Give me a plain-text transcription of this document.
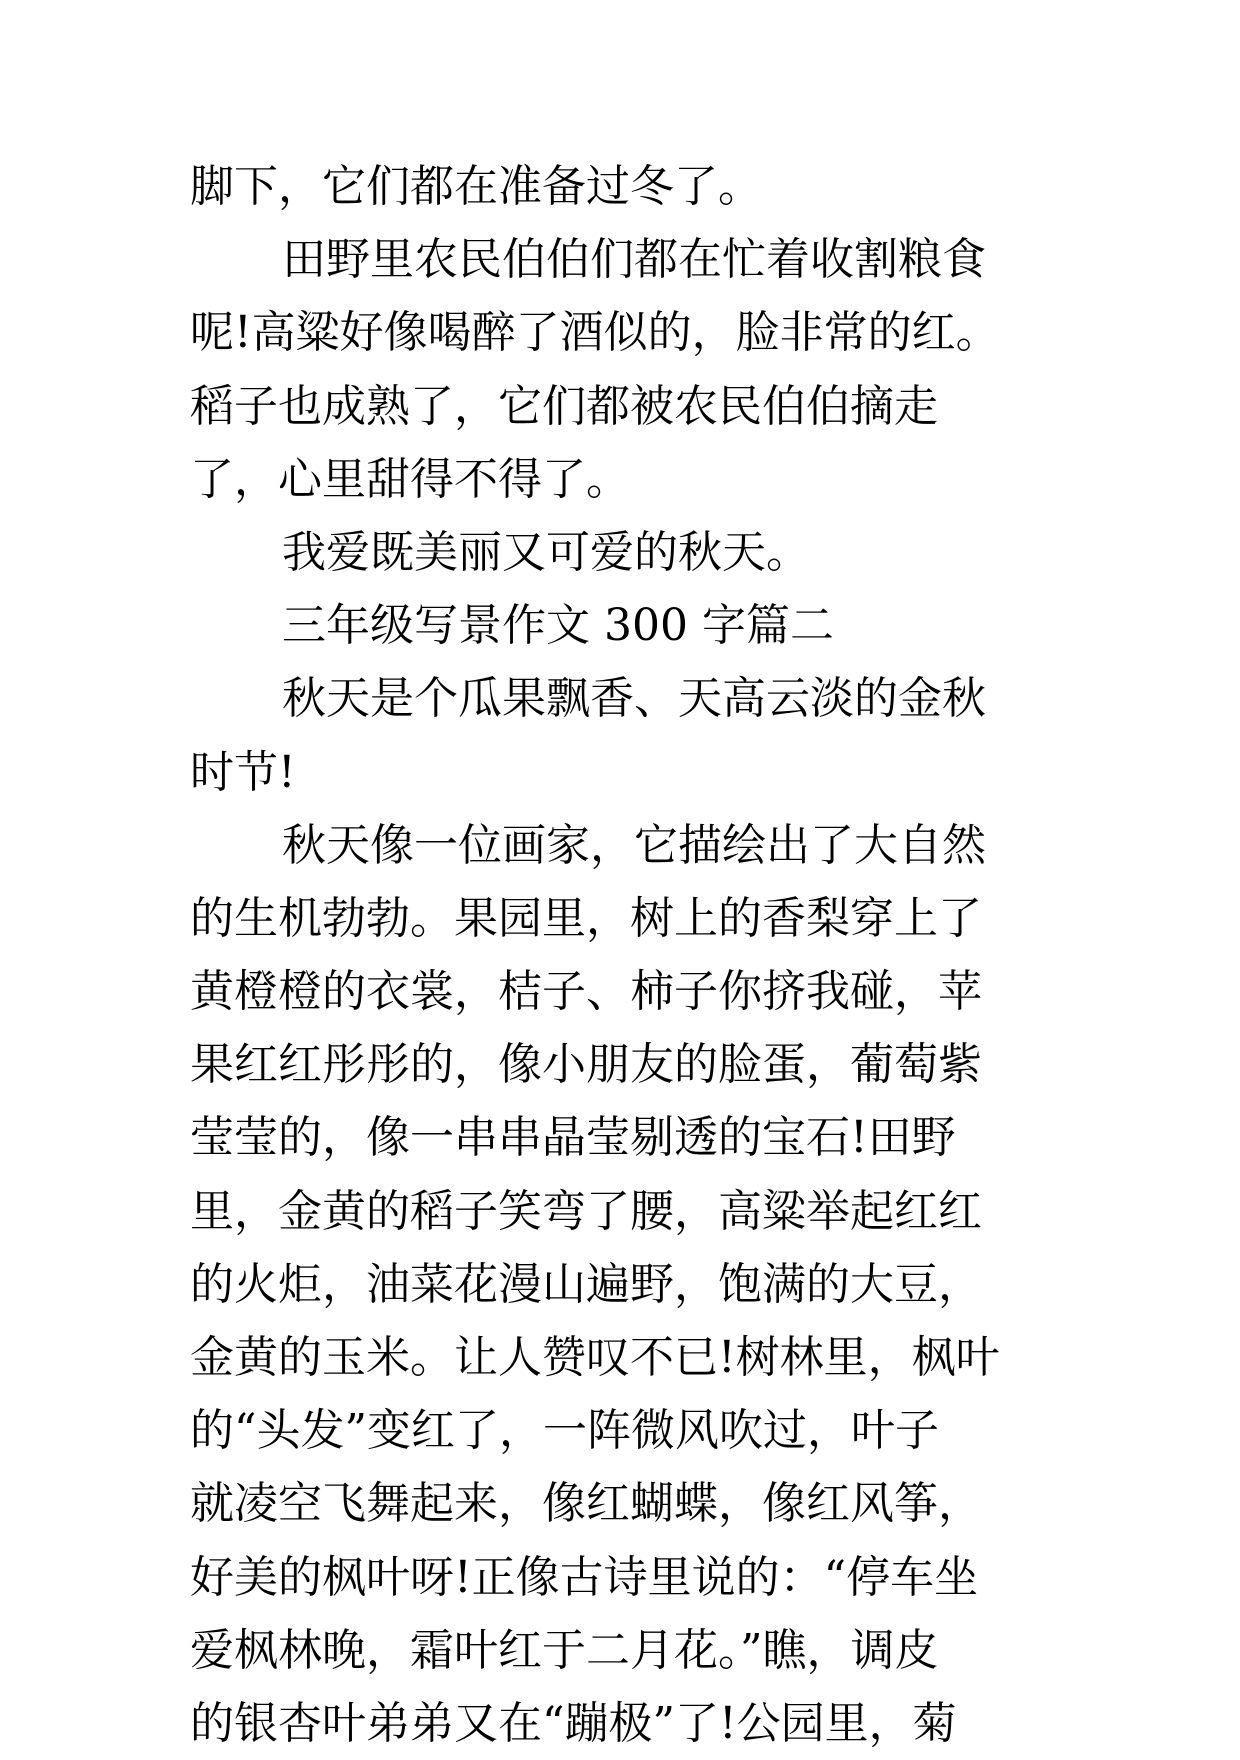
脚下，它们都在准备过冬了。
田野里农民伯伯们都在忙着收割粮食
呢!高粱好像喝醉了酒似的，脸非常的红。
稻子也成熟了，它们都被农民伯伯摘走
了，心里甜得不得了。
我爱既美丽又可爱的秋天。
三年级写景作文 300 字篇二
秋天是个瓜果飘香、天高云淡的金秋
时节!
秋天像一位画家，它描绘出了大自然
的生机勃勃。果园里，树上的香梨穿上了
黄橙橙的衣裳，桔子、柿子你挤我碰，苹
果红红彤彤的，像小朋友的脸蛋，葡萄紫
莹莹的，像一串串晶莹剔透的宝石!田野
里，金黄的稻子笑弯了腰，高粱举起红红
的火炬，油菜花漫山遍野，饱满的大豆，
金黄的玉米。让人赞叹不已!树林里，枫叶
的“头发”变红了，一阵微风吹过，叶子
就凌空飞舞起来，像红蝴蝶，像红风筝，
好美的枫叶呀!正像古诗里说的：“停车坐
爱枫林晚，霜叶红于二月花。”瞧，调皮
的银杏叶弟弟又在“蹦极”了!公园里，菊
